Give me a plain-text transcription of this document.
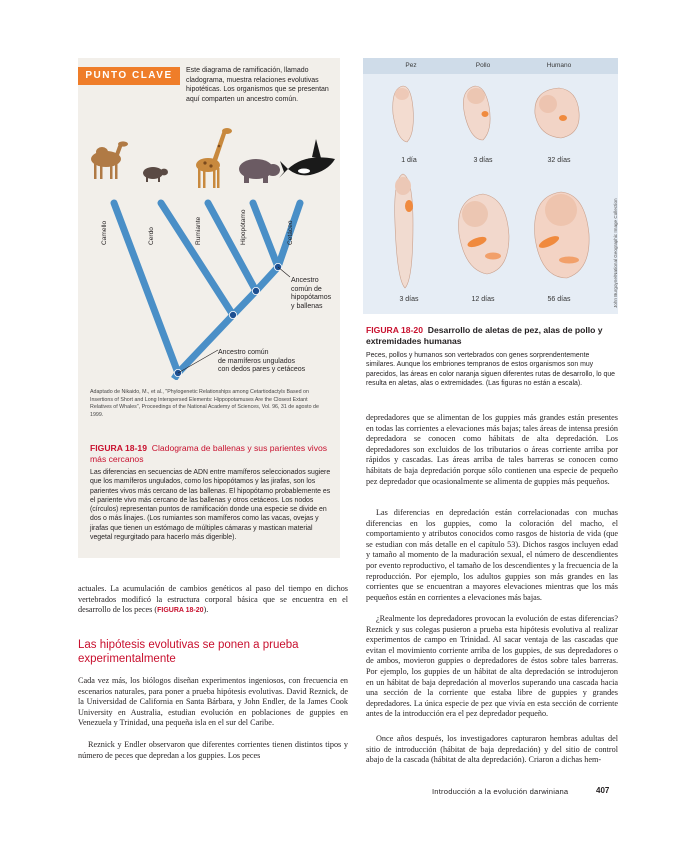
PUNTO CLAVE	Este diagrama de ramificación, llamado cladograma, muestra relaciones evolutivas hipotéticas. Los organismos que se presentan aquí comparten un ancestro común.
Camello	Cerdo	Rumiante	Hipopótamo	Cetáceo
Ancestro
común de
hipopótamos
y ballenas
Ancestro común
de mamíferos ungulados
con dedos pares y cetáceos
Adaptado de Nikaido, M., et al., "Phylogenetic Relationships among Cetartiodactyls Based on Insertions of Short and Long Interspersed Elements: Hippopotamuses Are the Closest Extant Relatives of Whales", Proceedings of the National Academy of Sciences, Vol. 96, 31 de agosto de 1999.
FIGURA 18-19 Cladograma de ballenas y sus parientes vivos más cercanos
Las diferencias en secuencias de ADN entre mamíferos seleccionados sugiere que los mamíferos ungulados, como los hipopótamos y las jirafas, son los parientes vivos más cercano de las ballenas. El hipopótamo probablemente es el pariente vivo más cercano de las ballenas y otros cetáceos. Los nodos (círculos) representan puntos de ramificación donde una especie se divide en dos o más linajes. (Los rumiantes son mamíferos como las vacas, ovejas y jirafas que tienen un estómago de múltiples cámaras y mastican material vegetal regurgitado para hacerlo más digerible).
Pez	Pollo	Humano
1 día	3 días	32 días
3 días	12 días	56 días	John Burgoyne/National Geographic Image Collection
FIGURA 18-20 Desarrollo de aletas de pez, alas de pollo y extremidades humanas
Peces, pollos y humanos son vertebrados con genes sorprendentemente similares. Aunque los embriones tempranos de estos organismos son muy parecidos, las áreas en color naranja siguen diferentes rutas de desarrollo, lo que resulta en aletas, alas o extremidades. (Las figuras no están a escala).
actuales. La acumulación de cambios genéticos al paso del tiempo en dichos vertebrados modificó la estructura corporal básica que se encuentra en el desarrollo de los peces (FIGURA 18-20).
Las hipótesis evolutivas se ponen a prueba experimentalmente
Cada vez más, los biólogos diseñan experimentos ingeniosos, con frecuencia en escenarios naturales, para poner a prueba hipótesis evolutivas. David Reznick, de la Universidad de California en Santa Bárbara, y John Endler, de la James Cook University en Australia, estudian evolución en poblaciones de guppies en Venezuela y Trinidad, una pequeña isla en el sur del Caribe.
Reznick y Endler observaron que diferentes corrientes tienen distintos tipos y número de peces que depredan a los guppies. Los peces
depredadores que se alimentan de los guppies más grandes están presentes en todas las corrientes a elevaciones más bajas; tales áreas de intensa presión depredadora se conocen como hábitats de alta depredación. Los depredadores son excluidos de los tributarios o áreas corriente arriba por rápidos y cascadas. Las áreas arriba de tales barreras se conocen como hábitats de baja depredación porque sólo contienen una especie de pequeño pez depredador que ocasionalmente se alimenta de guppies más pequeños.
Las diferencias en depredación están correlacionadas con muchas diferencias en los guppies, como la coloración del macho, el comportamiento y atributos conocidos como rasgos de historia de vida (que se estudian con más detalle en el capítulo 53). Dichos rasgos incluyen edad y tamaño al momento de la maduración sexual, el número de descendientes por evento reproductivo, el tamaño de los descendientes y la frecuencia de la reproducción. Por ejemplo, los adultos guppies son más grandes en las corrientes que se encuentran a mayores elevaciones mientras que los más pequeños están en corrientes a elevaciones más bajas.
¿Realmente los depredadores provocan la evolución de estas diferencias? Reznick y sus colegas pusieron a prueba esta hipótesis evolutiva al realizar experimentos de campo en Trinidad. Al sacar ventaja de las cascadas que evitan el movimiento corriente arriba de los guppies, de sus depredadores o de ambos, movieron guppies o depredadores de éstos sobre tales barreras. Por ejemplo, los guppies de un hábitat de alta depredación se introdujeron en un hábitat de baja depredación al moverlos superando una cascada hacia una sección de la corriente que estaba libre de guppies y grandes depredadores. La única especie de pez que vivía en esta sección de corriente antes de la introducción era el pez depredador pequeño.
Once años después, los investigadores capturaron hembras adultas del sitio de introducción (hábitat de baja depredación) y del sitio de control abajo de la cascada (hábitat de alta depredación). Criaron a dichas hem-
Introducción a la evolución darwiniana	407
